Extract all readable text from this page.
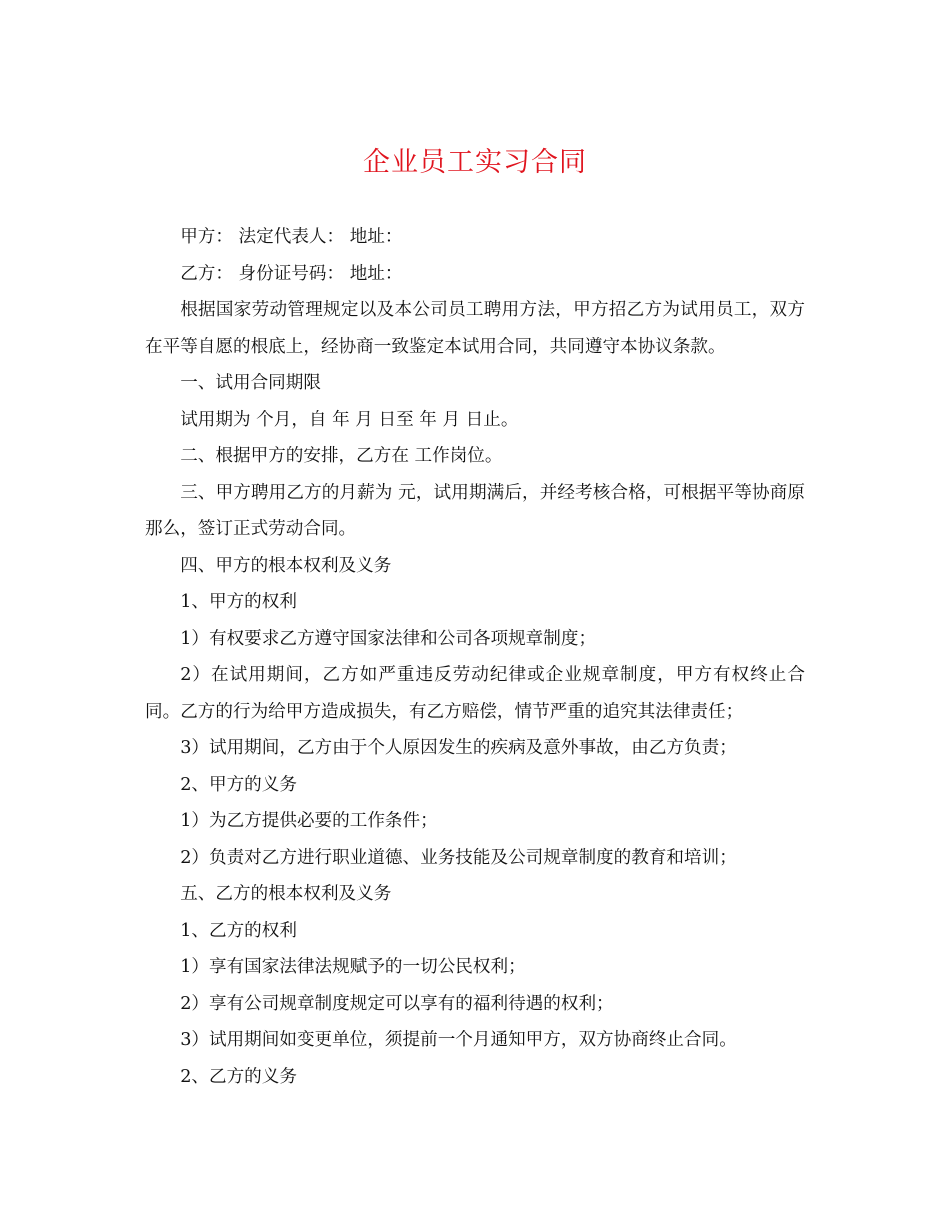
企业员工实习合同

甲方： 法定代表人： 地址：

乙方： 身份证号码： 地址：

根据国家劳动管理规定以及本公司员工聘用方法，甲方招乙方为试用员工，双方在平等自愿的根底上，经协商一致鉴定本试用合同，共同遵守本协议条款。

一、试用合同期限

试用期为 个月，自 年 月 日至 年 月 日止。

二、根据甲方的安排，乙方在 工作岗位。

三、甲方聘用乙方的月薪为 元，试用期满后，并经考核合格，可根据平等协商原那么，签订正式劳动合同。

四、甲方的根本权利及义务

1、甲方的权利

1）有权要求乙方遵守国家法律和公司各项规章制度；

2）在试用期间，乙方如严重违反劳动纪律或企业规章制度，甲方有权终止合同。乙方的行为给甲方造成损失，有乙方赔偿，情节严重的追究其法律责任；

3）试用期间，乙方由于个人原因发生的疾病及意外事故，由乙方负责；

2、甲方的义务

1）为乙方提供必要的工作条件；

2）负责对乙方进行职业道德、业务技能及公司规章制度的教育和培训；

五、乙方的根本权利及义务

1、乙方的权利

1）享有国家法律法规赋予的一切公民权利；

2）享有公司规章制度规定可以享有的福利待遇的权利；

3）试用期间如变更单位，须提前一个月通知甲方，双方协商终止合同。

2、乙方的义务
